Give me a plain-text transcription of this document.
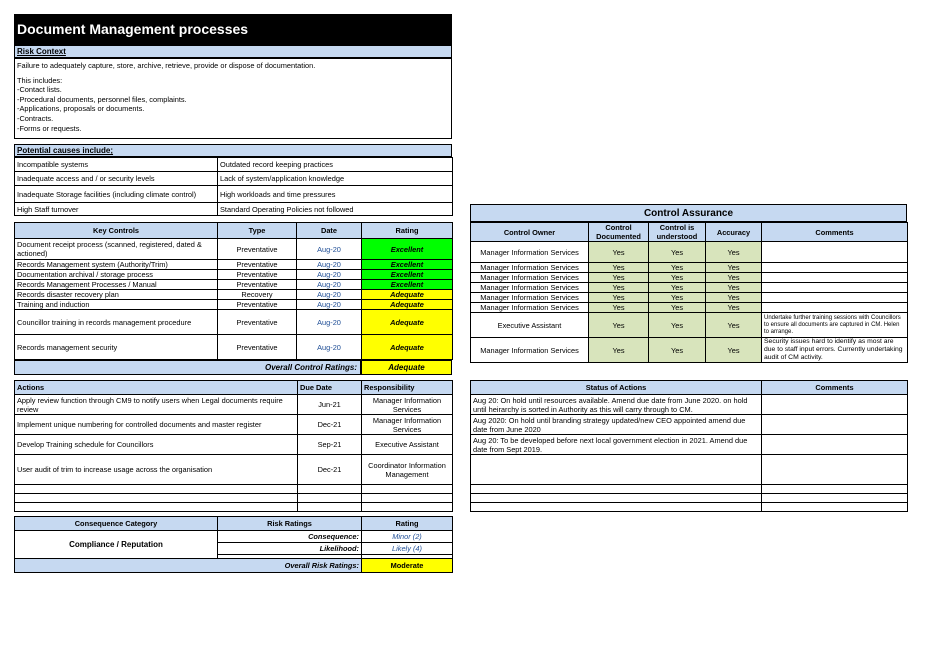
Document Management processes
Risk Context
Failure to adequately capture, store, archive, retrieve, provide or dispose of documentation.
This includes:
-Contact lists.
-Procedural documents, personnel files, complaints.
-Applications, proposals or documents.
-Contracts.
-Forms or requests.
Potential causes include;
Incompatible systems	Outdated record keeping practices
Inadequate access and / or security levels	Lack of system/application knowledge
Inadequate Storage facilities (including climate control)	High workloads and time pressures
High Staff turnover	Standard Operating Policies not followed
Key Controls	Type	Date	Rating
Document receipt process (scanned, registered, dated & actioned)	Preventative	Aug-20	Excellent
Records Management system (Authority/Trim)	Preventative	Aug-20	Excellent
Documentation archival / storage process	Preventative	Aug-20	Excellent
Records Management Processes / Manual	Preventative	Aug-20	Excellent
Records disaster recovery plan	Recovery	Aug-20	Adequate
Training and induction	Preventative	Aug-20	Adequate
Councillor training in records management procedure	Preventative	Aug-20	Adequate
Records management security	Preventative	Aug-20	Adequate
Overall Control Ratings:	Adequate
Control Assurance
Control Owner	Control Documented	Control is understood	Accuracy	Comments
Manager Information Services	Yes	Yes	Yes	
Manager Information Services	Yes	Yes	Yes	
Manager Information Services	Yes	Yes	Yes	
Manager Information Services	Yes	Yes	Yes	
Manager Information Services	Yes	Yes	Yes	
Manager Information Services	Yes	Yes	Yes	
Executive Assistant	Yes	Yes	Yes	Undertake further training sessions with Councillors to ensure all documents are captured in CM. Helen to arrange.
Manager Information Services	Yes	Yes	Yes	Security issues hard to identify as most are due to staff input errors. Currently undertaking audit of CM activity.
Actions	Due Date	Responsibility
Apply review function through CM9 to notify users when Legal documents require review	Jun-21	Manager Information Services
Implement unique numbering for controlled documents and master register	Dec-21	Manager Information Services
Develop Training schedule for Councillors	Sep-21	Executive Assistant
User audit of trim to increase usage across the organisation	Dec-21	Coordinator Information Management

Status of Actions	Comments
Aug 20: On hold until resources available. Amend due date from June 2020. on hold until heirarchy is sorted in Authority as this will carry through to CM.	
Aug 2020: On hold until branding strategy updated/new CEO appointed amend due date from June 2020	
Aug 20: To be developed before next local government election in 2021. Amend due date from Sept 2019.	

Consequence Category	Risk Ratings	Rating
Compliance / Reputation	Consequence:	Minor (2)
	Likelihood:	Likely (4)

Overall Risk Ratings:		Moderate
